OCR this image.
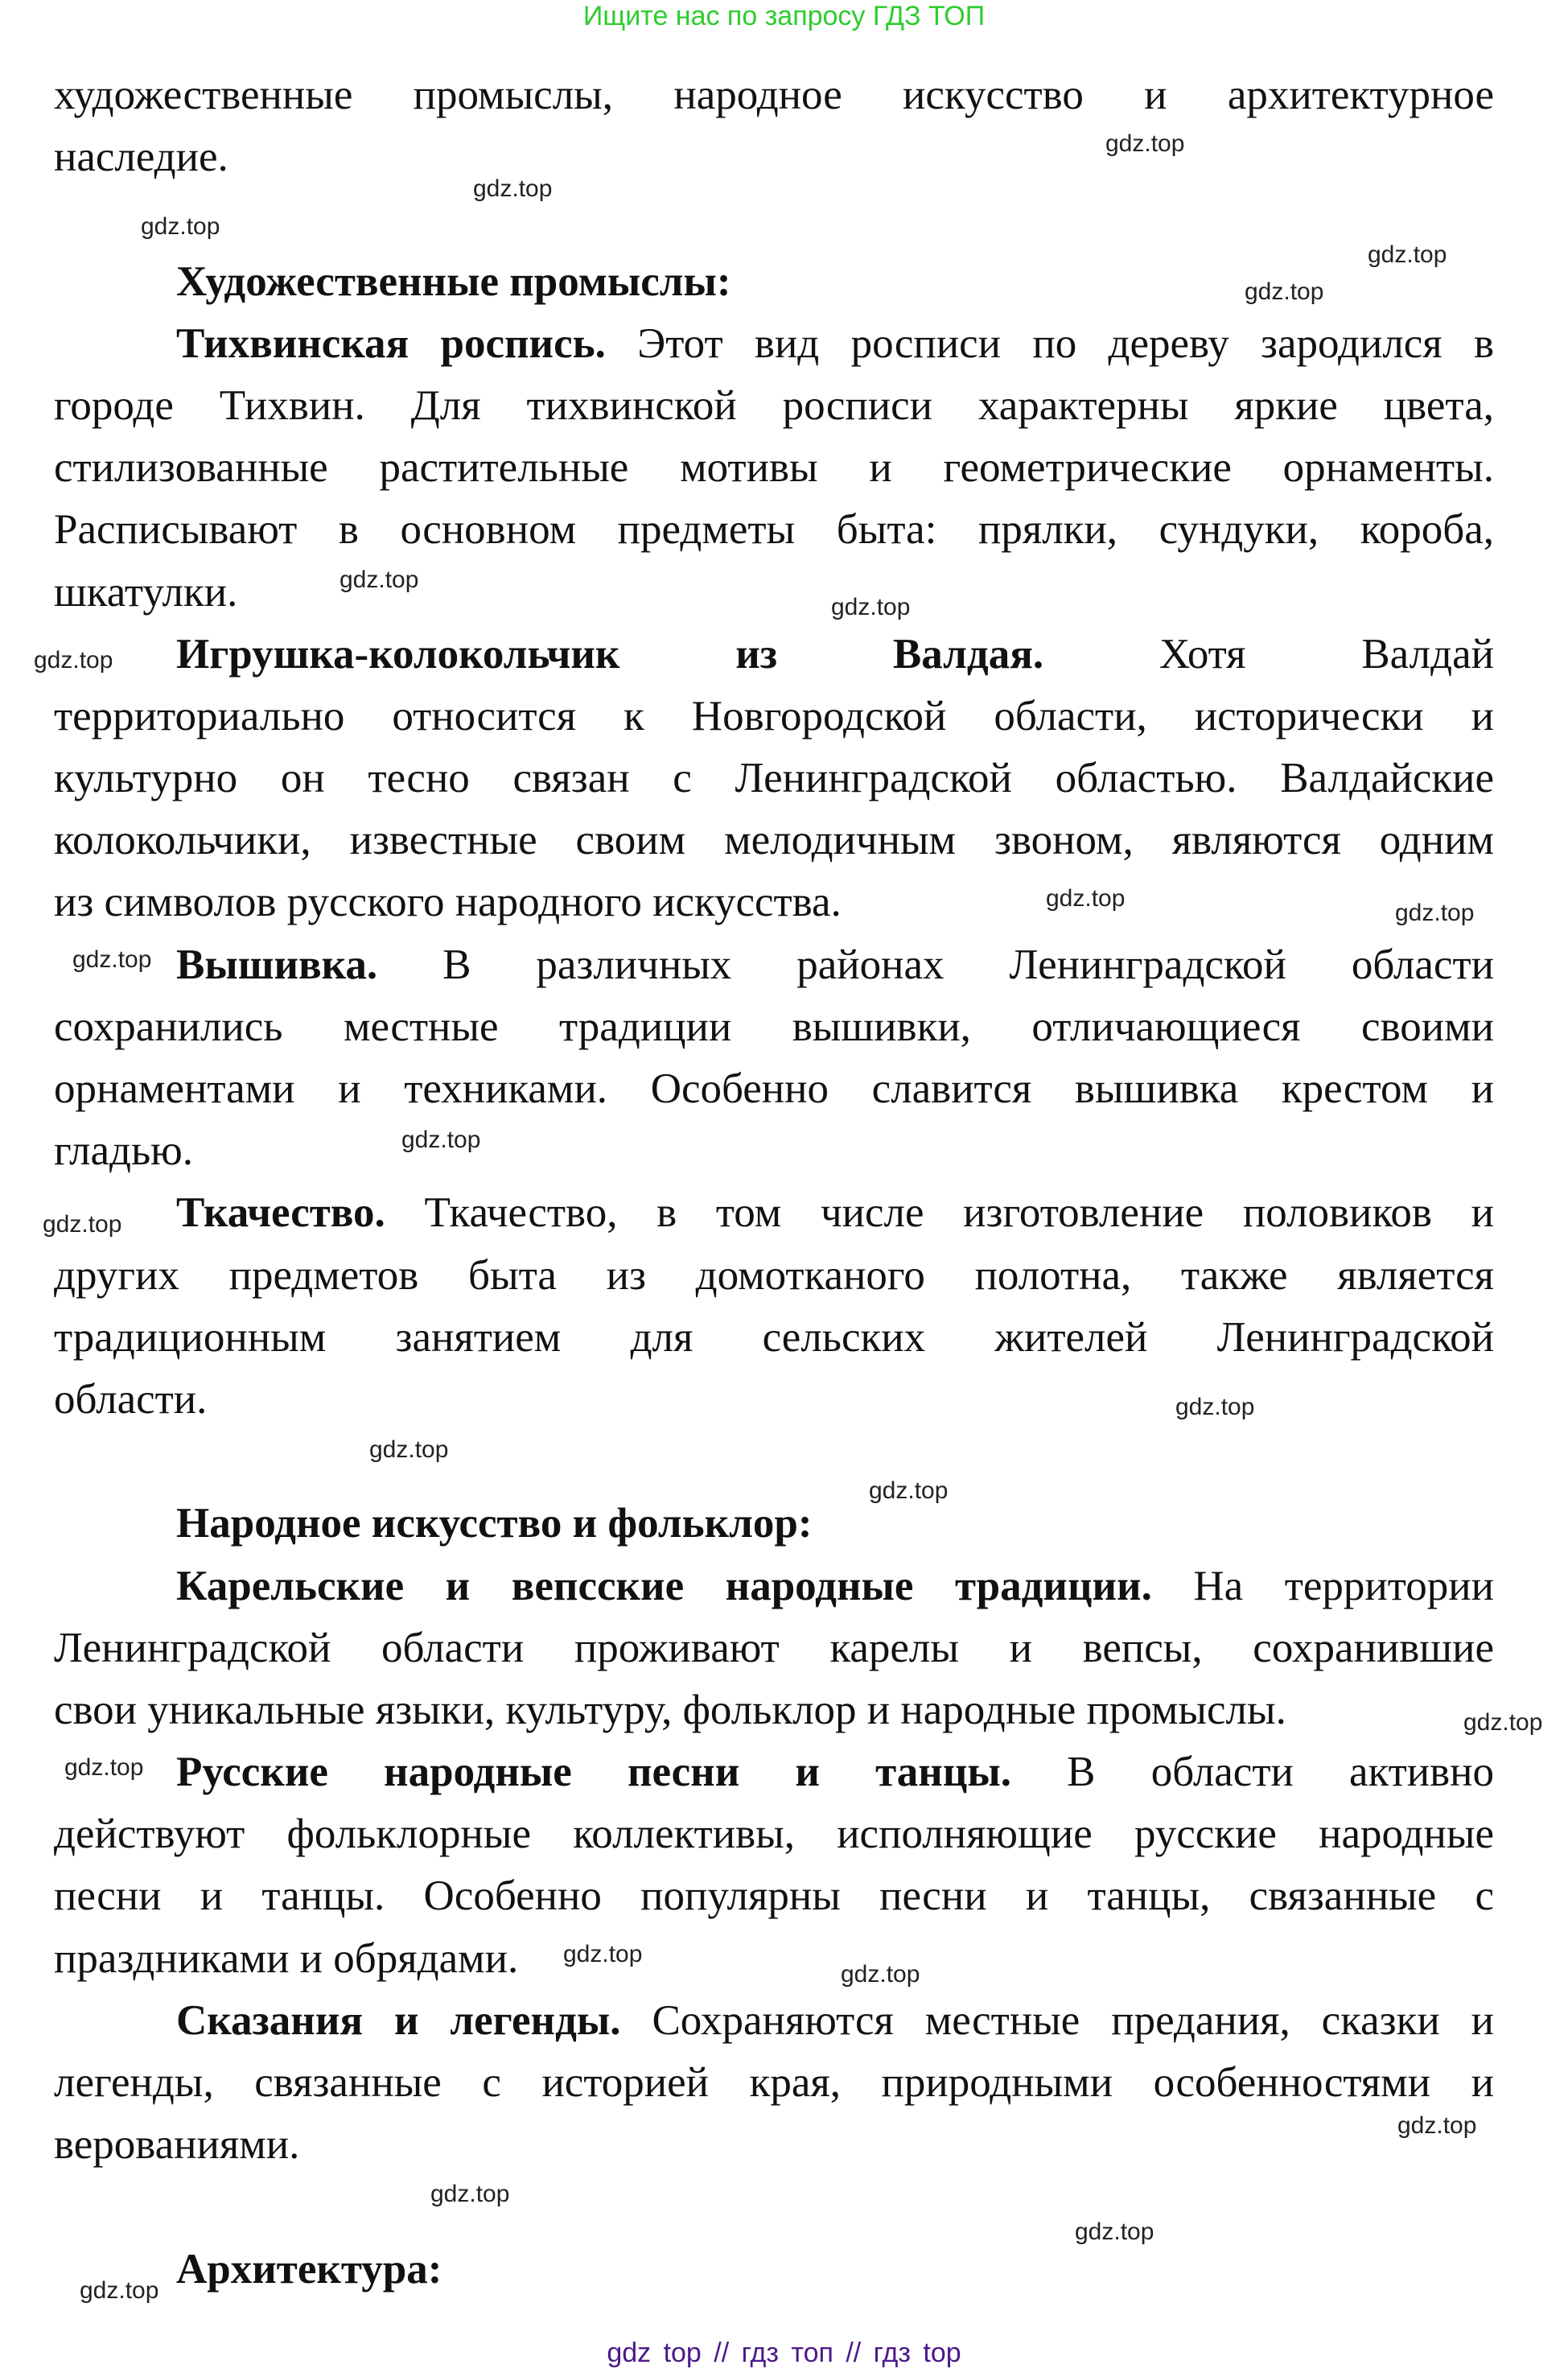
Ищите нас по запросу ГДЗ ТОП
художественные промыслы, народное искусство и архитектурное
наследие.
Художественные промыслы:
Тихвинская роспись. Этот вид росписи по дереву зародился в
городе Тихвин. Для тихвинской росписи характерны яркие цвета,
стилизованные растительные мотивы и геометрические орнаменты.
Расписывают в основном предметы быта: прялки, сундуки, короба,
шкатулки.
Игрушка-колокольчик из Валдая. Хотя Валдай
территориально относится к Новгородской области, исторически и
культурно он тесно связан с Ленинградской областью. Валдайские
колокольчики, известные своим мелодичным звоном, являются одним
из символов русского народного искусства.
Вышивка. В различных районах Ленинградской области
сохранились местные традиции вышивки, отличающиеся своими
орнаментами и техниками. Особенно славится вышивка крестом и
гладью.
Ткачество. Ткачество, в том числе изготовление половиков и
других предметов быта из домотканого полотна, также является
традиционным занятием для сельских жителей Ленинградской
области.
Народное искусство и фольклор:
Карельские и вепсские народные традиции. На территории
Ленинградской области проживают карелы и вепсы, сохранившие
свои уникальные языки, культуру, фольклор и народные промыслы.
Русские народные песни и танцы. В области активно
действуют фольклорные коллективы, исполняющие русские народные
песни и танцы. Особенно популярны песни и танцы, связанные с
праздниками и обрядами.
Сказания и легенды. Сохраняются местные предания, сказки и
легенды, связанные с историей края, природными особенностями и
верованиями.
Архитектура:
gdz top // гдз топ // гдз top
gdz.top
gdz.top
gdz.top
gdz.top
gdz.top
gdz.top
gdz.top
gdz.top
gdz.top
gdz.top
gdz.top
gdz.top
gdz.top
gdz.top
gdz.top
gdz.top
gdz.top
gdz.top
gdz.top
gdz.top
gdz.top
gdz.top
gdz.top
gdz.top
